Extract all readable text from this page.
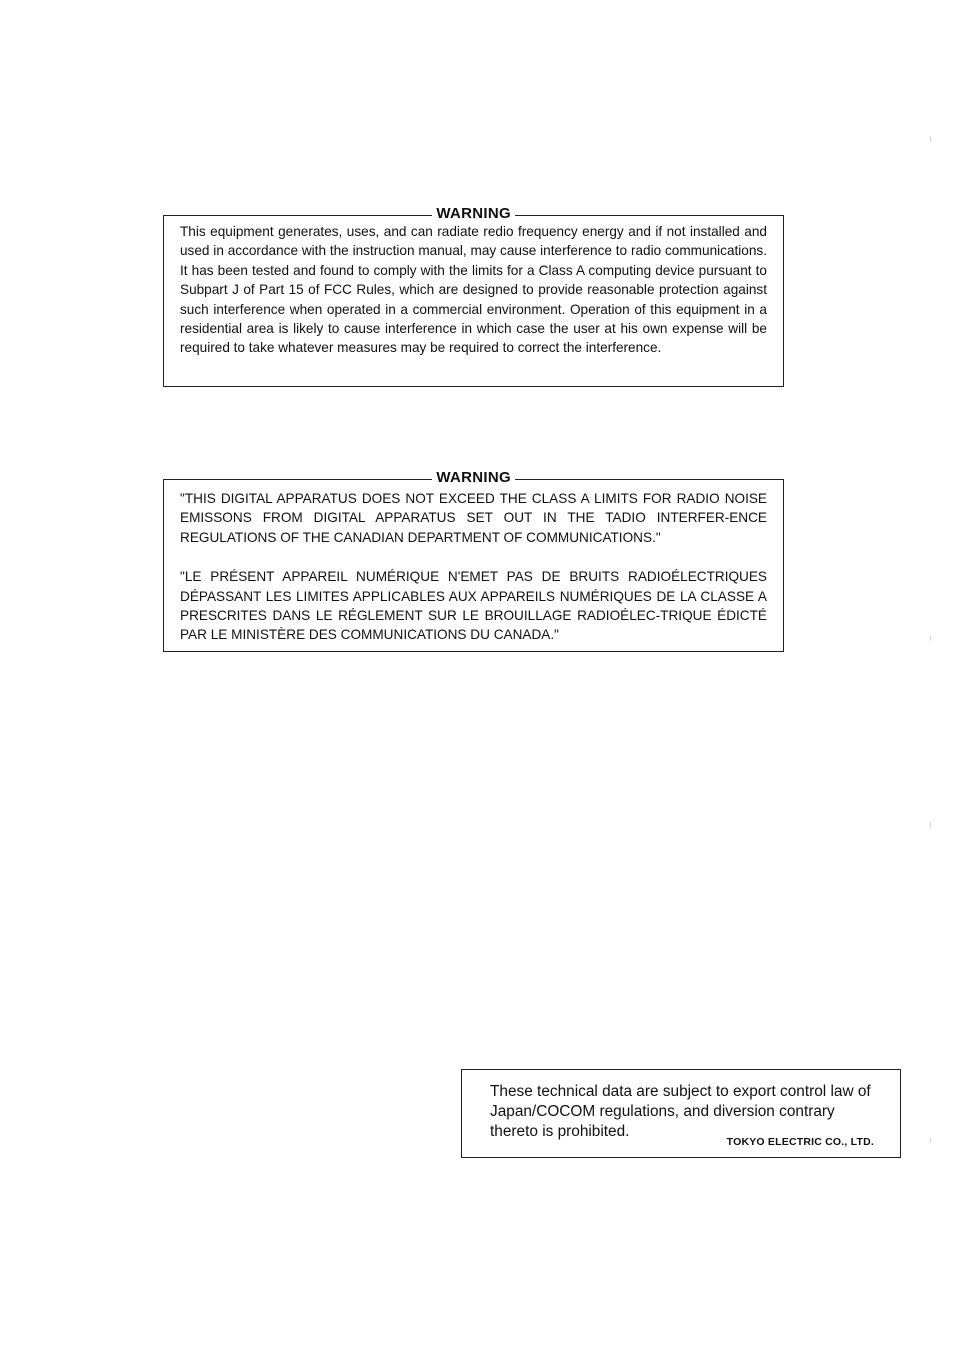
WARNING

This equipment generates, uses, and can radiate redio frequency energy and if not installed and used in accordance with the instruction manual, may cause interference to radio communications. It has been tested and found to comply with the limits for a Class A computing device pursuant to Subpart J of Part 15 of FCC Rules, which are designed to provide reasonable protection against such interference when operated in a commercial environment. Operation of this equipment in a residential area is likely to cause interference in which case the user at his own expense will be required to take whatever measures may be required to correct the interference.

WARNING

"THIS DIGITAL APPARATUS DOES NOT EXCEED THE CLASS A LIMITS FOR RADIO NOISE EMISSONS FROM DIGITAL APPARATUS SET OUT IN THE TADIO INTERFER-ENCE REGULATIONS OF THE CANADIAN DEPARTMENT OF COMMUNICATIONS."

"LE PRÉSENT APPAREIL NUMÉRIQUE N'EMET PAS DE BRUITS RADIOÉLECTRIQUES DÉPASSANT LES LIMITES APPLICABLES AUX APPAREILS NUMÉRIQUES DE LA CLASSE A PRESCRITES DANS LE RÉGLEMENT SUR LE BROUILLAGE RADIOÉLEC-TRIQUE ÉDICTÉ PAR LE MINISTÈRE DES COMMUNICATIONS DU CANADA."

These technical data are subject to export control law of Japan/COCOM regulations, and diversion contrary thereto is prohibited.

TOKYO ELECTRIC CO., LTD.
⁾
⁾
⁾
⁾
